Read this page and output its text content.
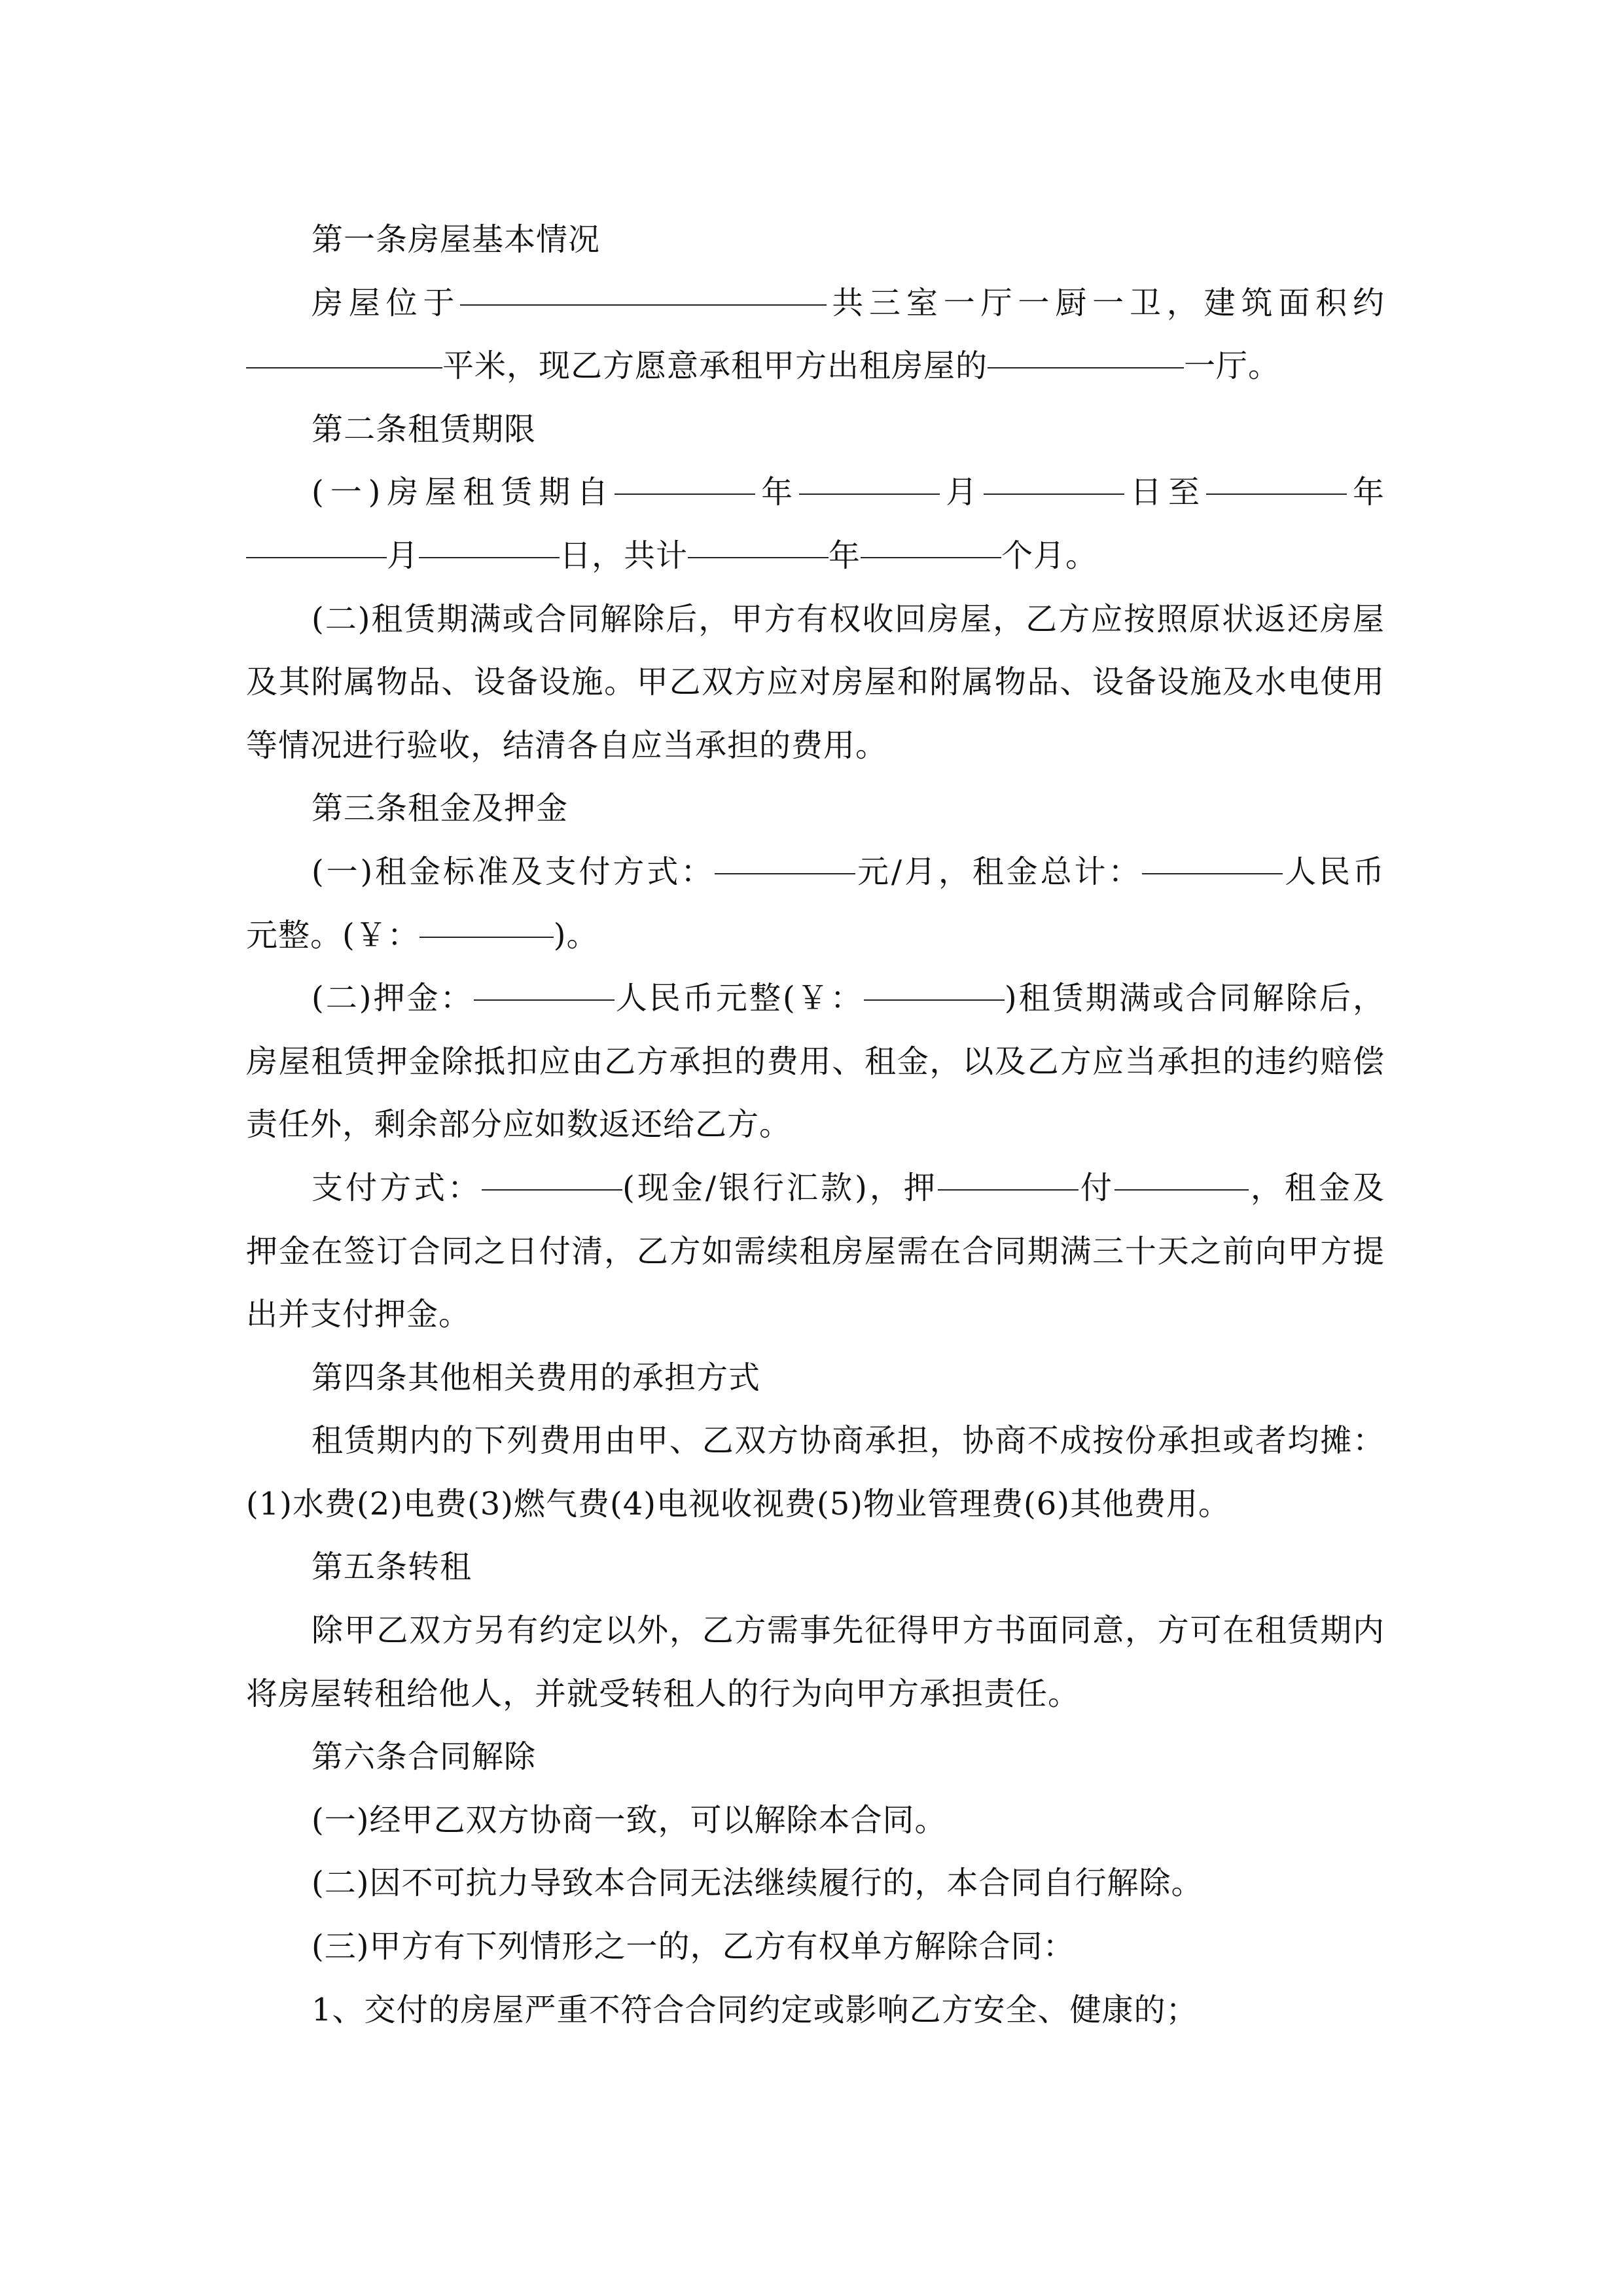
第一条房屋基本情况
房屋位于	共三室一厅一厨一卫，建筑面积约
平米，现乙方愿意承租甲方出租房屋的	一厅。
第二条租赁期限
(一)房屋租赁期自	年	月	日至	年
月	日，共计	年	个月。
(二)租赁期满或合同解除后，甲方有权收回房屋，乙方应按照原状返还房屋
及其附属物品、设备设施。甲乙双方应对房屋和附属物品、设备设施及水电使用
等情况进行验收，结清各自应当承担的费用。
第三条租金及押金
(一)租金标准及支付方式：	元/月，租金总计：	人民币
元整。(￥：	)。
(二)押金：	人民币元整(￥：	)租赁期满或合同解除后，
房屋租赁押金除抵扣应由乙方承担的费用、租金，以及乙方应当承担的违约赔偿
责任外，剩余部分应如数返还给乙方。
支付方式：	(现金/银行汇款)，押	付	，租金及
押金在签订合同之日付清，乙方如需续租房屋需在合同期满三十天之前向甲方提
出并支付押金。
第四条其他相关费用的承担方式
租赁期内的下列费用由甲、乙双方协商承担，协商不成按份承担或者均摊：
(1)水费(2)电费(3)燃气费(4)电视收视费(5)物业管理费(6)其他费用。
第五条转租
除甲乙双方另有约定以外，乙方需事先征得甲方书面同意，方可在租赁期内
将房屋转租给他人，并就受转租人的行为向甲方承担责任。
第六条合同解除
(一)经甲乙双方协商一致，可以解除本合同。
(二)因不可抗力导致本合同无法继续履行的，本合同自行解除。
(三)甲方有下列情形之一的，乙方有权单方解除合同：
1、交付的房屋严重不符合合同约定或影响乙方安全、健康的；
